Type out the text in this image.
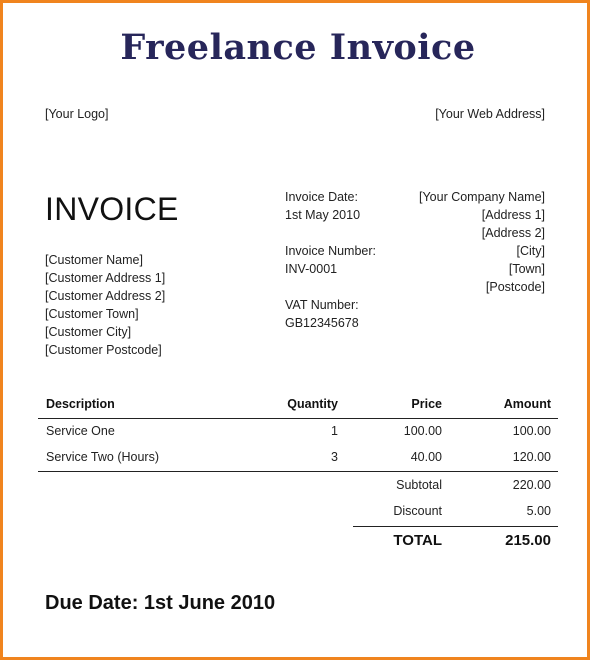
Freelance Invoice
[Your Logo]	[Your Web Address]
INVOICE
[Customer Name]
[Customer Address 1]
[Customer Address 2]
[Customer Town]
[Customer City]
[Customer Postcode]
Invoice Date:
1st May 2010
Invoice Number:
INV-0001
VAT Number:
GB12345678
[Your Company Name]
[Address 1]
[Address 2]
[City]
[Town]
[Postcode]
Description	Quantity	Price	Amount
Service One	1	100.00	100.00
Service Two (Hours)	3	40.00	120.00
Subtotal	220.00
Discount	5.00
TOTAL	215.00
Due Date: 1st June 2010
